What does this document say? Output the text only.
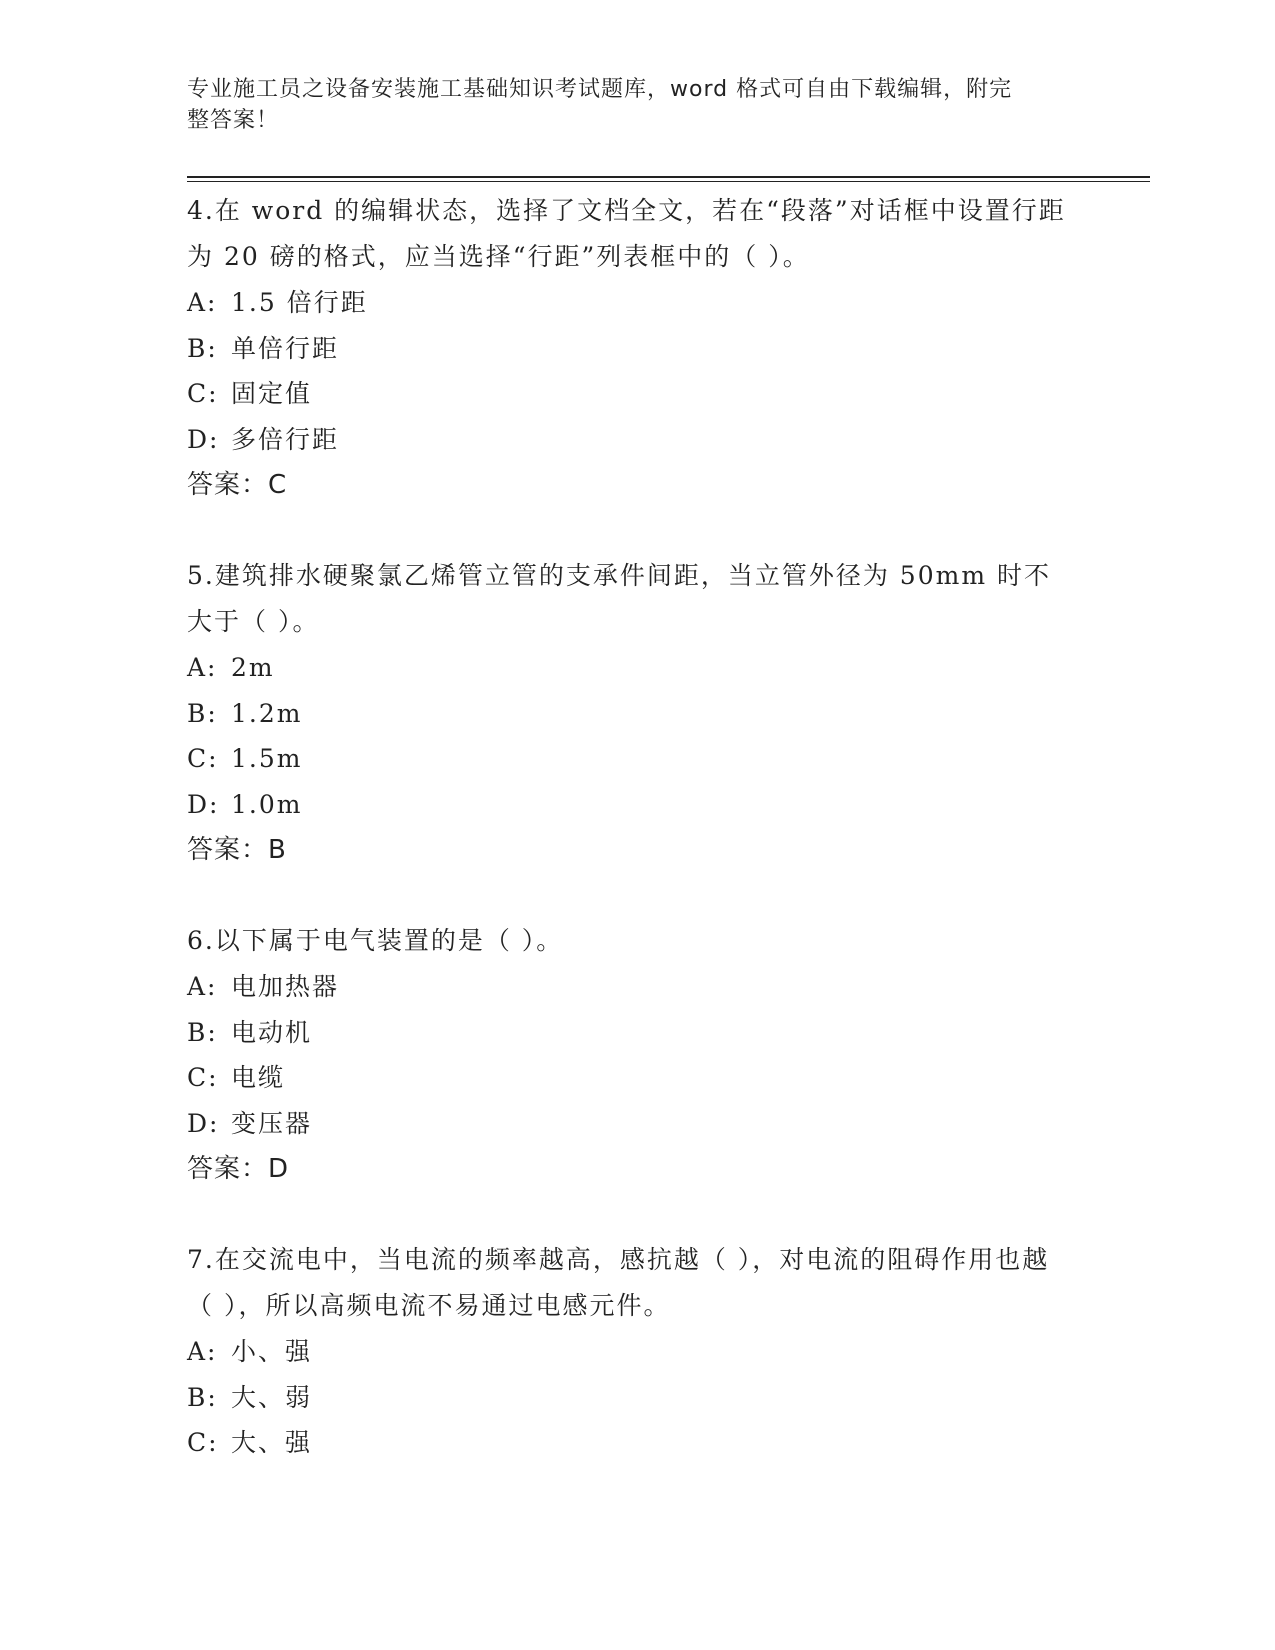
专业施工员之设备安装施工基础知识考试题库，word 格式可自由下载编辑，附完
整答案！

4.在 word 的编辑状态，选择了文档全文，若在“段落”对话框中设置行距为 20 磅的格式，应当选择“行距”列表框中的（ ）。

A: 1.5 倍行距

B: 单倍行距

C: 固定值

D: 多倍行距

答案：C

5.建筑排水硬聚氯乙烯管立管的支承件间距，当立管外径为 50mm 时不大于（ ）。

A: 2m

B: 1.2m

C: 1.5m

D: 1.0m

答案：B

6.以下属于电气装置的是（ ）。

A: 电加热器

B: 电动机

C: 电缆

D: 变压器

答案：D

7.在交流电中，当电流的频率越高，感抗越（ ），对电流的阻碍作用也越（ ），所以高频电流不易通过电感元件。

A: 小、强

B: 大、弱

C: 大、强
